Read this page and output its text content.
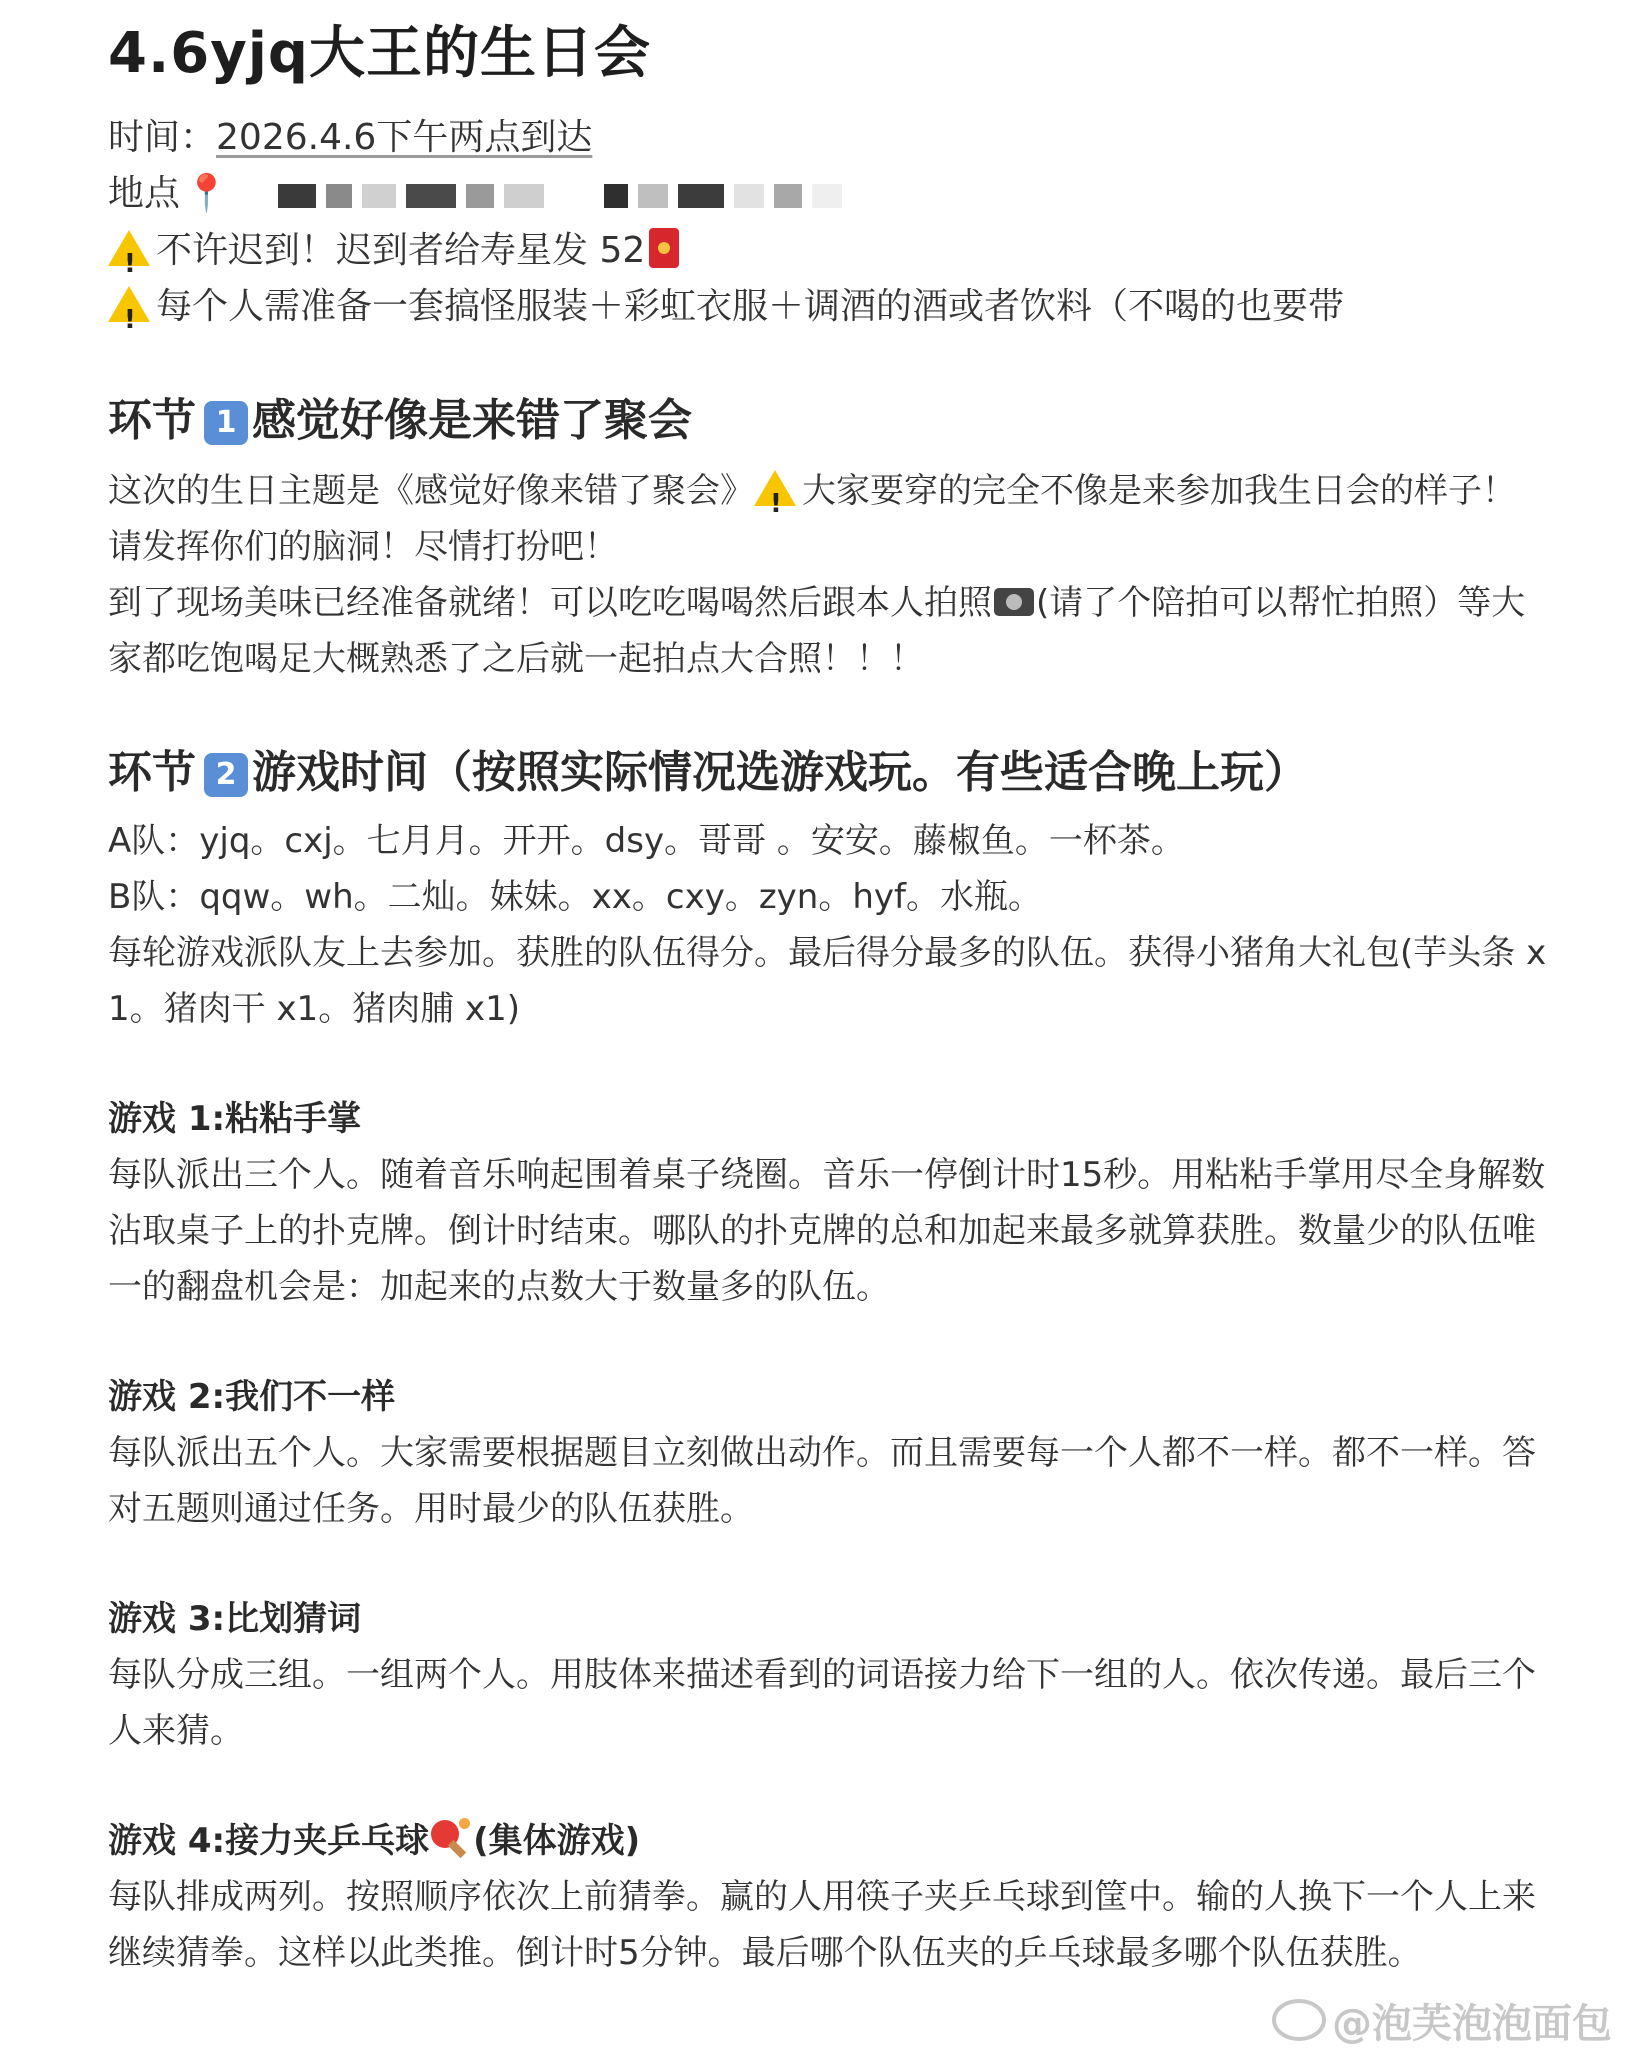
4.6yjq大王的生日会
时间：2026.4.6下午两点到达
地点 📍
!不许迟到！迟到者给寿星发 52
!每个人需准备一套搞怪服装＋彩虹衣服＋调酒的酒或者饮料（不喝的也要带
环节 1 感觉好像是来错了聚会

这次的生日主题是《感觉好像来错了聚会》! 大家要穿的完全不像是来参加我生日会的样子！请发挥你们的脑洞！尽情打扮吧！

到了现场美味已经准备就绪！可以吃吃喝喝然后跟本人拍照 (请了个陪拍可以帮忙拍照）等大家都吃饱喝足大概熟悉了之后就一起拍点大合照！！！

环节 2 游戏时间（按照实际情况选游戏玩。有些适合晚上玩）

A队：yjq。cxj。七月月。开开。dsy。哥哥 。安安。藤椒鱼。一杯茶。

B队：qqw。wh。二灿。妹妹。xx。cxy。zyn。hyf。水瓶。

每轮游戏派队友上去参加。获胜的队伍得分。最后得分最多的队伍。获得小猪角大礼包(芋头条 x 1。猪肉干 x1。猪肉脯 x1)

游戏 1:粘粘手掌

每队派出三个人。随着音乐响起围着桌子绕圈。音乐一停倒计时15秒。用粘粘手掌用尽全身解数沾取桌子上的扑克牌。倒计时结束。哪队的扑克牌的总和加起来最多就算获胜。数量少的队伍唯一的翻盘机会是：加起来的点数大于数量多的队伍。

游戏 2:我们不一样

每队派出五个人。大家需要根据题目立刻做出动作。而且需要每一个人都不一样。都不一样。答对五题则通过任务。用时最少的队伍获胜。

游戏 3:比划猜词

每队分成三组。一组两个人。用肢体来描述看到的词语接力给下一组的人。依次传递。最后三个人来猜。

游戏 4:接力夹乒乓球 (集体游戏)

每队排成两列。按照顺序依次上前猜拳。赢的人用筷子夹乒乓球到筐中。输的人换下一个人上来继续猜拳。这样以此类推。倒计时5分钟。最后哪个队伍夹的乒乓球最多哪个队伍获胜。

@泡芙泡泡面包
